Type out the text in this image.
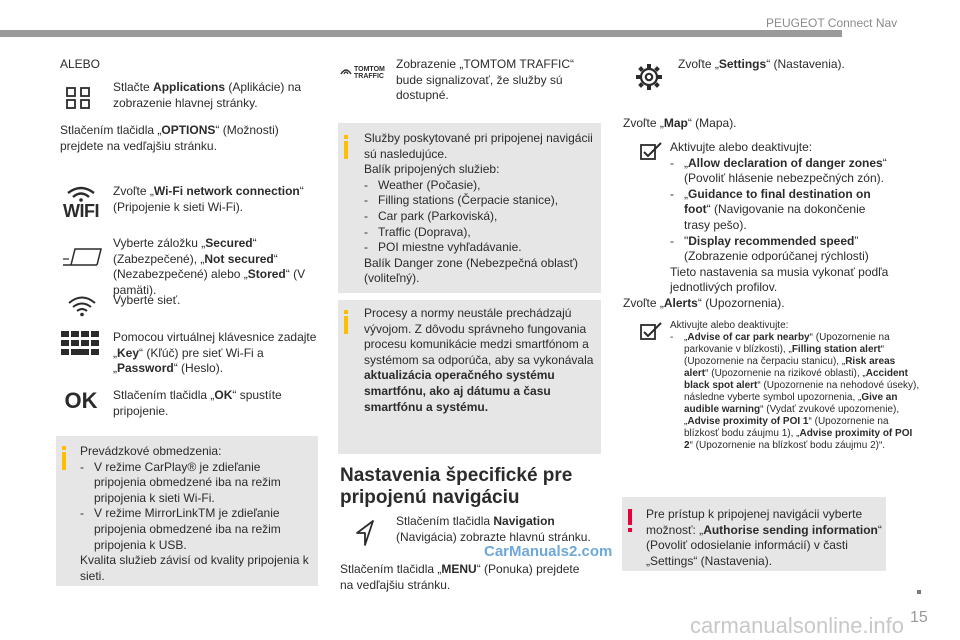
PEUGEOT Connect Nav
ALEBO
Stlačte Applications (Aplikácie) na zobrazenie hlavnej stránky.
Stlačením tlačidla „OPTIONS“ (Možnosti) prejdete na vedľajšiu stránku.
WIFI
Zvoľte „Wi-Fi network connection“ (Pripojenie k sieti Wi-Fi).
Vyberte záložku „Secured“ (Zabezpečené), „Not secured“ (Nezabezpečené) alebo „Stored“ (V pamäti).
Vyberte sieť.
Pomocou virtuálnej klávesnice zadajte „Key“ (Kľúč) pre sieť Wi-Fi a „Password“ (Heslo).
OK Stlačením tlačidla „OK“ spustíte pripojenie.
Prevádzkové obmedzenia:
- V režime CarPlay® je zdieľanie pripojenia obmedzené iba na režim pripojenia k sieti Wi-Fi.
- V režime MirrorLinkTM je zdieľanie pripojenia obmedzené iba na režim pripojenia k USB.
Kvalita služieb závisí od kvality pripojenia k sieti.
TOMTOM
TRAFFIC
Zobrazenie „TOMTOM TRAFFIC“ bude signalizovať, že služby sú dostupné.
Služby poskytované pri pripojenej navigácii sú nasledujúce.
Balík pripojených služieb:
- Weather (Počasie),
- Filling stations (Čerpacie stanice),
- Car park (Parkoviská),
- Traffic (Doprava),
- POI miestne vyhľadávanie.
Balík Danger zone (Nebezpečná oblasť) (voliteľný).
Procesy a normy neustále prechádzajú vývojom. Z dôvodu správneho fungovania procesu komunikácie medzi smartfónom a systémom sa odporúča, aby sa vykonávala aktualizácia operačného systému smartfónu, ako aj dátumu a času smartfónu a systému.
Nastavenia špecifické pre pripojenú navigáciu
Stlačením tlačidla Navigation (Navigácia) zobrazte hlavnú stránku.
Stlačením tlačidla „MENU“ (Ponuka) prejdete na vedľajšiu stránku.
CarManuals2.com
Zvoľte „Settings“ (Nastavenia).
Zvoľte „Map“ (Mapa).
Aktivujte alebo deaktivujte:
- „Allow declaration of danger zones“ (Povoliť hlásenie nebezpečných zón).
- „Guidance to final destination on foot“ (Navigovanie na dokončenie trasy pešo).
- "Display recommended speed” (Zobrazenie odporúčanej rýchlosti)
Tieto nastavenia sa musia vykonať podľa jednotlivých profilov.
Zvoľte „Alerts“ (Upozornenia).
Aktivujte alebo deaktivujte:
- „Advise of car park nearby“ (Upozornenie na parkovanie v blízkosti), „Filling station alert“ (Upozornenie na čerpaciu stanicu), „Risk areas alert“ (Upozornenie na rizikové oblasti), „Accident black spot alert“ (Upozornenie na nehodové úseky), následne vyberte symbol upozornenia, „Give an audible warning“ (Vydať zvukové upozornenie), „Advise proximity of POI 1“ (Upozornenie na blízkosť bodu záujmu 1), „Advise proximity of POI 2“ (Upozornenie na blízkosť bodu záujmu 2)“.
Pre prístup k pripojenej navigácii vyberte možnosť: „Authorise sending information“ (Povoliť odosielanie informácií) v časti „Settings“ (Nastavenia).
15
carmanualsonline.info
